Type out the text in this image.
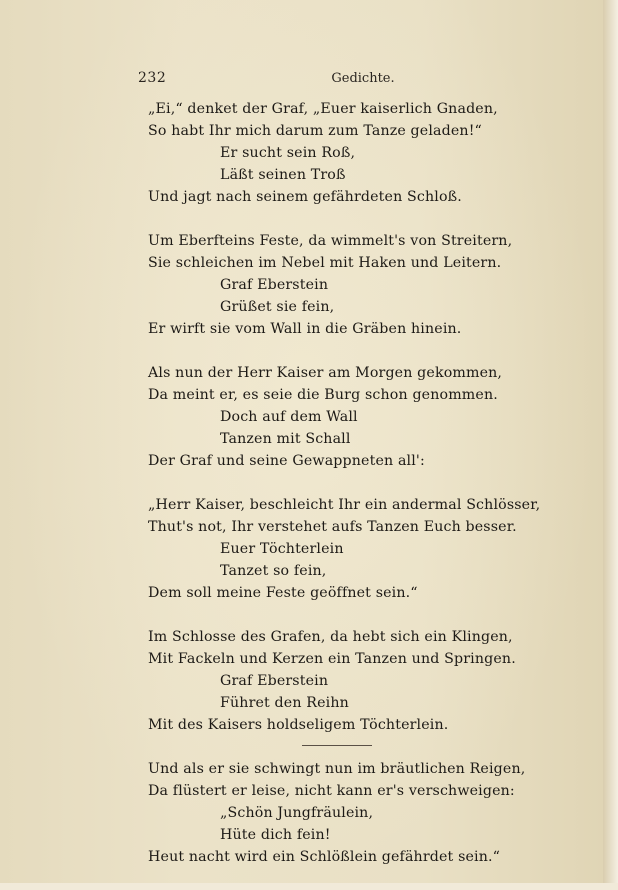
232	Gedichte.
„Ei,“ denket der Graf, „Euer kaiserlich Gnaden,
So habt Ihr mich darum zum Tanze geladen!“
Er sucht sein Roß,
Läßt seinen Troß
Und jagt nach seinem gefährdeten Schloß.
Um Eberfteins Feste, da wimmelt's von Streitern,
Sie schleichen im Nebel mit Haken und Leitern.
Graf Eberstein
Grüßet sie fein,
Er wirft sie vom Wall in die Gräben hinein.
Als nun der Herr Kaiser am Morgen gekommen,
Da meint er, es seie die Burg schon genommen.
Doch auf dem Wall
Tanzen mit Schall
Der Graf und seine Gewappneten all':
„Herr Kaiser, beschleicht Ihr ein andermal Schlösser,
Thut's not, Ihr verstehet aufs Tanzen Euch besser.
Euer Töchterlein
Tanzet so fein,
Dem soll meine Feste geöffnet sein.“
Im Schlosse des Grafen, da hebt sich ein Klingen,
Mit Fackeln und Kerzen ein Tanzen und Springen.
Graf Eberstein
Führet den Reihn
Mit des Kaisers holdseligem Töchterlein.
Und als er sie schwingt nun im bräutlichen Reigen,
Da flüstert er leise, nicht kann er's verschweigen:
„Schön Jungfräulein,
Hüte dich fein!
Heut nacht wird ein Schlößlein gefährdet sein.“
